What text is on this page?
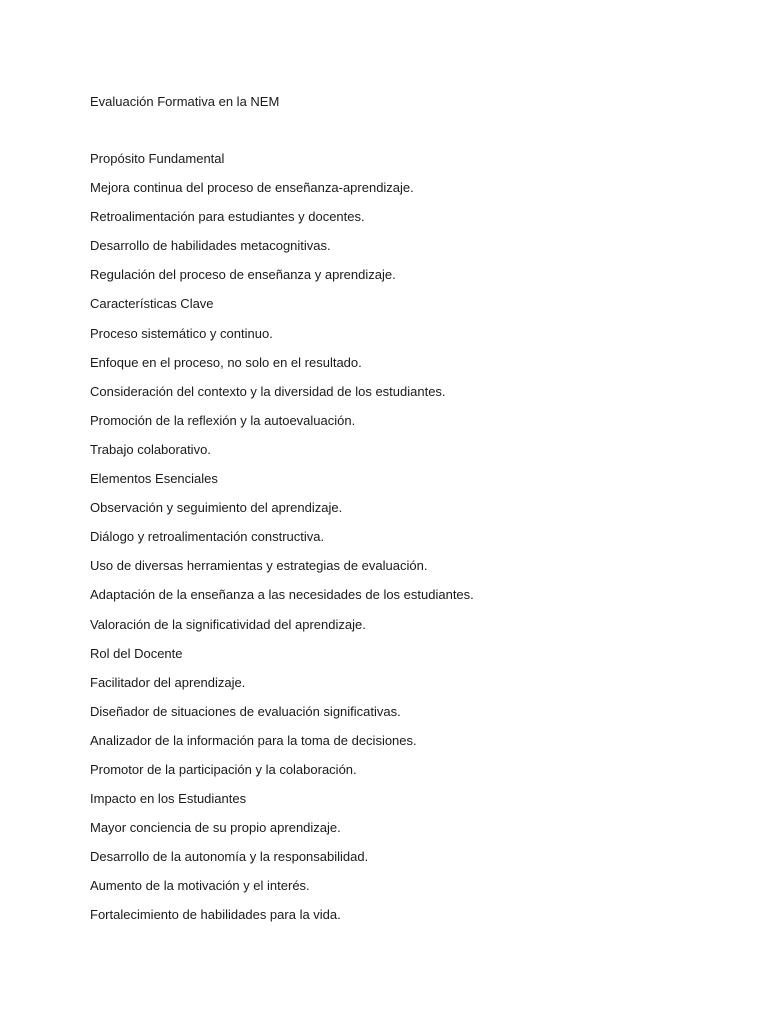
Evaluación Formativa en la NEM
Propósito Fundamental
Mejora continua del proceso de enseñanza-aprendizaje.
Retroalimentación para estudiantes y docentes.
Desarrollo de habilidades metacognitivas.
Regulación del proceso de enseñanza y aprendizaje.
Características Clave
Proceso sistemático y continuo.
Enfoque en el proceso, no solo en el resultado.
Consideración del contexto y la diversidad de los estudiantes.
Promoción de la reflexión y la autoevaluación.
Trabajo colaborativo.
Elementos Esenciales
Observación y seguimiento del aprendizaje.
Diálogo y retroalimentación constructiva.
Uso de diversas herramientas y estrategias de evaluación.
Adaptación de la enseñanza a las necesidades de los estudiantes.
Valoración de la significatividad del aprendizaje.
Rol del Docente
Facilitador del aprendizaje.
Diseñador de situaciones de evaluación significativas.
Analizador de la información para la toma de decisiones.
Promotor de la participación y la colaboración.
Impacto en los Estudiantes
Mayor conciencia de su propio aprendizaje.
Desarrollo de la autonomía y la responsabilidad.
Aumento de la motivación y el interés.
Fortalecimiento de habilidades para la vida.
